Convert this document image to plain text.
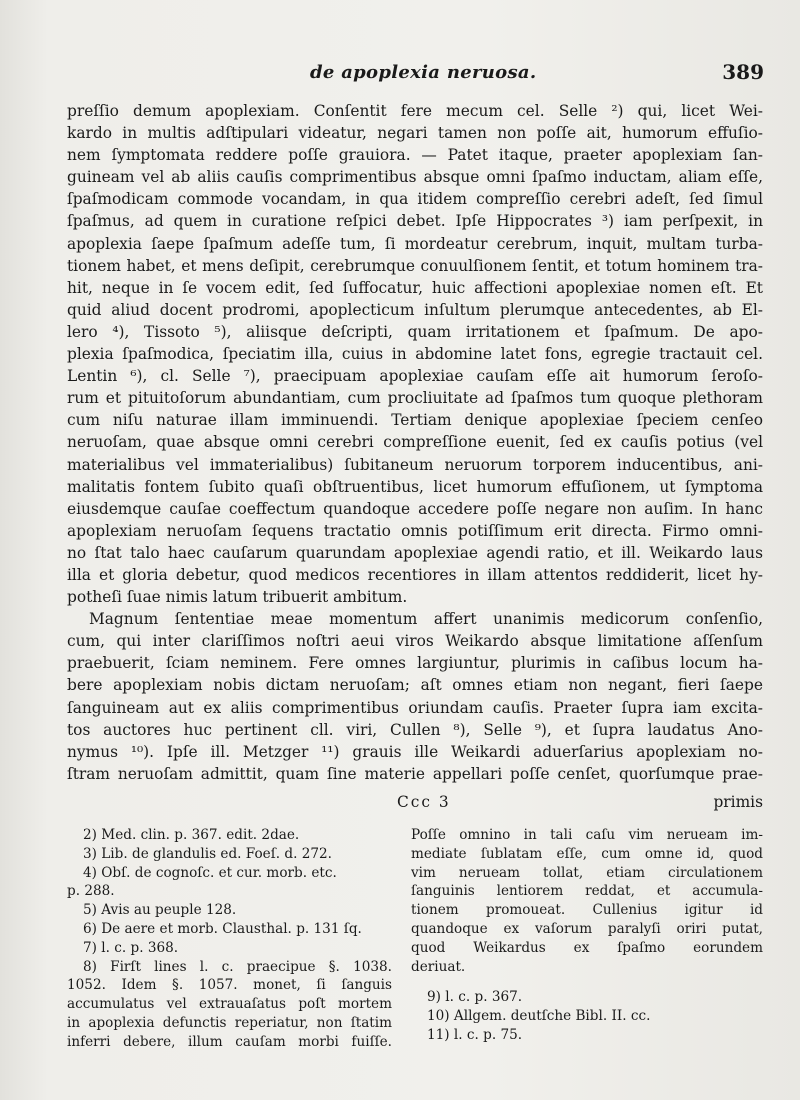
de apoplexia neruosa.	389
preſſio demum apoplexiam. Conſentit fere mecum cel. Selle ²) qui, licet Wei-
kardo in multis adſtipulari videatur, negari tamen non poſſe ait, humorum effuſio-
nem ſymptomata reddere poſſe grauiora. — Patet itaque, praeter apoplexiam ſan-
guineam vel ab aliis cauſis comprimentibus absque omni ſpaſmo inductam, aliam eſſe,
ſpaſmodicam commode vocandam, in qua itidem compreſſio cerebri adeſt, ſed ſimul
ſpaſmus, ad quem in curatione reſpici debet. Ipſe Hippocrates ³) iam perſpexit, in
apoplexia ſaepe ſpaſmum adeſſe tum, ſi mordeatur cerebrum, inquit, multam turba-
tionem habet, et mens deſipit, cerebrumque conuulſionem ſentit, et totum hominem tra-
hit, neque in ſe vocem edit, ſed ſuffocatur, huic affectioni apoplexiae nomen eſt. Et
quid aliud docent prodromi, apoplecticum inſultum plerumque antecedentes, ab El-
lero ⁴), Tissoto ⁵), aliisque deſcripti, quam irritationem et ſpaſmum. De apo-
plexia ſpaſmodica, ſpeciatim illa, cuius in abdomine latet fons, egregie tractauit cel.
Lentin ⁶), cl. Selle ⁷), praecipuam apoplexiae cauſam eſſe ait humorum ſeroſo-
rum et pituitoſorum abundantiam, cum procliuitate ad ſpaſmos tum quoque plethoram
cum niſu naturae illam imminuendi. Tertiam denique apoplexiae ſpeciem cenſeo
neruoſam, quae absque omni cerebri compreſſione euenit, ſed ex cauſis potius (vel
materialibus vel immaterialibus) ſubitaneum neruorum torporem inducentibus, ani-
malitatis fontem ſubito quaſi obſtruentibus, licet humorum effuſionem, ut ſymptoma
eiusdemque cauſae coeffectum quandoque accedere poſſe negare non auſim. In hanc
apoplexiam neruoſam ſequens tractatio omnis potiſſimum erit directa. Firmo omni-
no ſtat talo haec cauſarum quarundam apoplexiae agendi ratio, et ill. Weikardo laus
illa et gloria debetur, quod medicos recentiores in illam attentos reddiderit, licet hy-
potheſi ſuae nimis latum tribuerit ambitum.
Magnum ſententiae meae momentum affert unanimis medicorum conſenſio,
cum, qui inter clariſſimos noſtri aeui viros Weikardo absque limitatione aſſenſum
praebuerit, ſciam neminem. Fere omnes largiuntur, plurimis in caſibus locum ha-
bere apoplexiam nobis dictam neruoſam; aſt omnes etiam non negant, fieri ſaepe
ſanguineam aut ex aliis comprimentibus oriundam cauſis. Praeter ſupra iam excita-
tos auctores huc pertinent cll. viri, Cullen ⁸), Selle ⁹), et ſupra laudatus Ano-
nymus ¹⁰). Ipſe ill. Metzger ¹¹) grauis ille Weikardi aduerſarius apoplexiam no-
ſtram neruoſam admittit, quam ſine materie appellari poſſe cenſet, quorſumque prae-
Ccc 3	primis
2) Med. clin. p. 367. edit. 2dae.
3) Lib. de glandulis ed. Foeſ. d. 272.
4) Obſ. de cognoſc. et cur. morb. etc.
p. 288.
5) Avis au peuple 128.
6) De aere et morb. Clausthal. p. 131 ſq.
7) l. c. p. 368.
8) Firſt lines l. c. praecipue §. 1038.
1052. Idem §. 1057. monet, ſi ſanguis
accumulatus vel extrauaſatus poſt mortem
in apoplexia defunctis reperiatur, non ſtatim
inferri debere, illum cauſam morbi fuiſſe.
Poſſe omnino in tali caſu vim neruеam im-
mediate ſublatam eſſe, cum omne id, quod
vim neruеam tollat, etiam circulationem
ſanguinis lentiorem reddat, et accumula-
tionem promoueat. Cullenius igitur id
quandoque ex vaſorum paralyſi oriri putat,
quod Weikardus ex ſpaſmo eorundem
deriuat.
9) l. c. p. 367.
10) Allgem. deutſche Bibl. II. cc.
11) l. c. p. 75.
